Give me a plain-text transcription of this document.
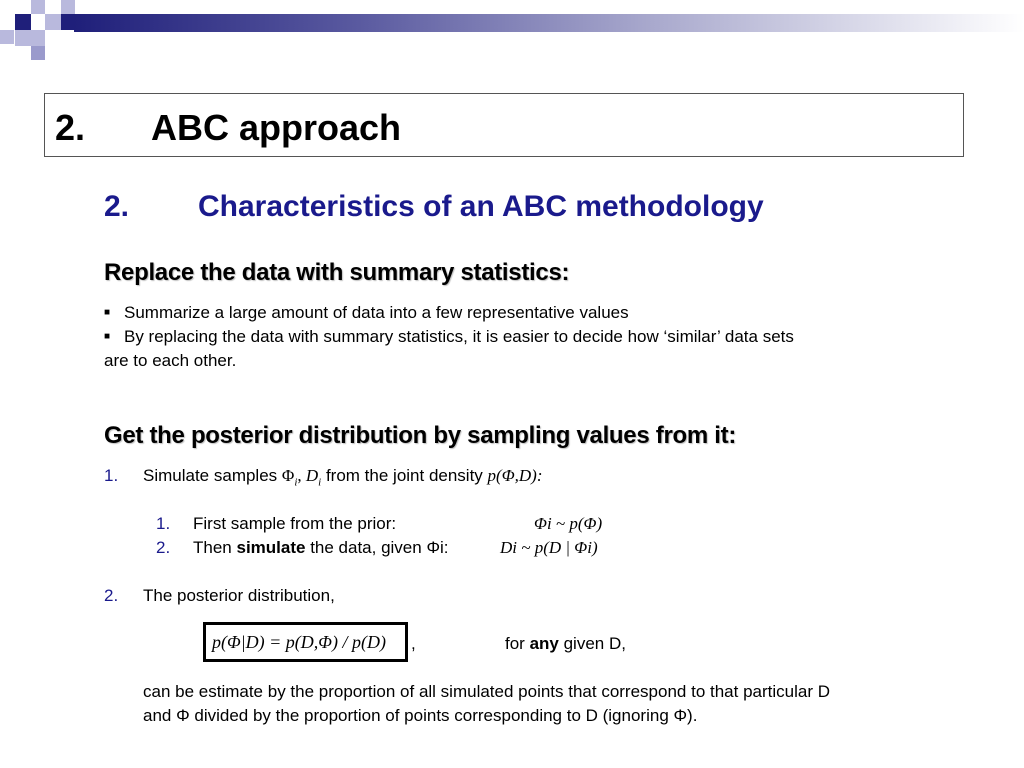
2. ABC approach
2. Characteristics of an ABC methodology
Replace the data with summary statistics:
■ Summarize a large amount of data into a few representative values
■ By replacing the data with summary statistics, it is easier to decide how ‘similar’ data sets
are to each other.
Get the posterior distribution by sampling values from it:
1. Simulate samples $\Phi_i$, $D_i$ from the joint density p(Φ,D):
1. First sample from the prior:	Φi ~ p(Φ)
2. Then simulate the data, given Φi:	Di ~ p(D | Φi)
2. The posterior distribution,
p(Φ|D) = p(D,Φ) / p(D) ,	for any given D,
can be estimate by the proportion of all simulated points that correspond to that particular D
and Φ divided by the proportion of points corresponding to D (ignoring Φ).
